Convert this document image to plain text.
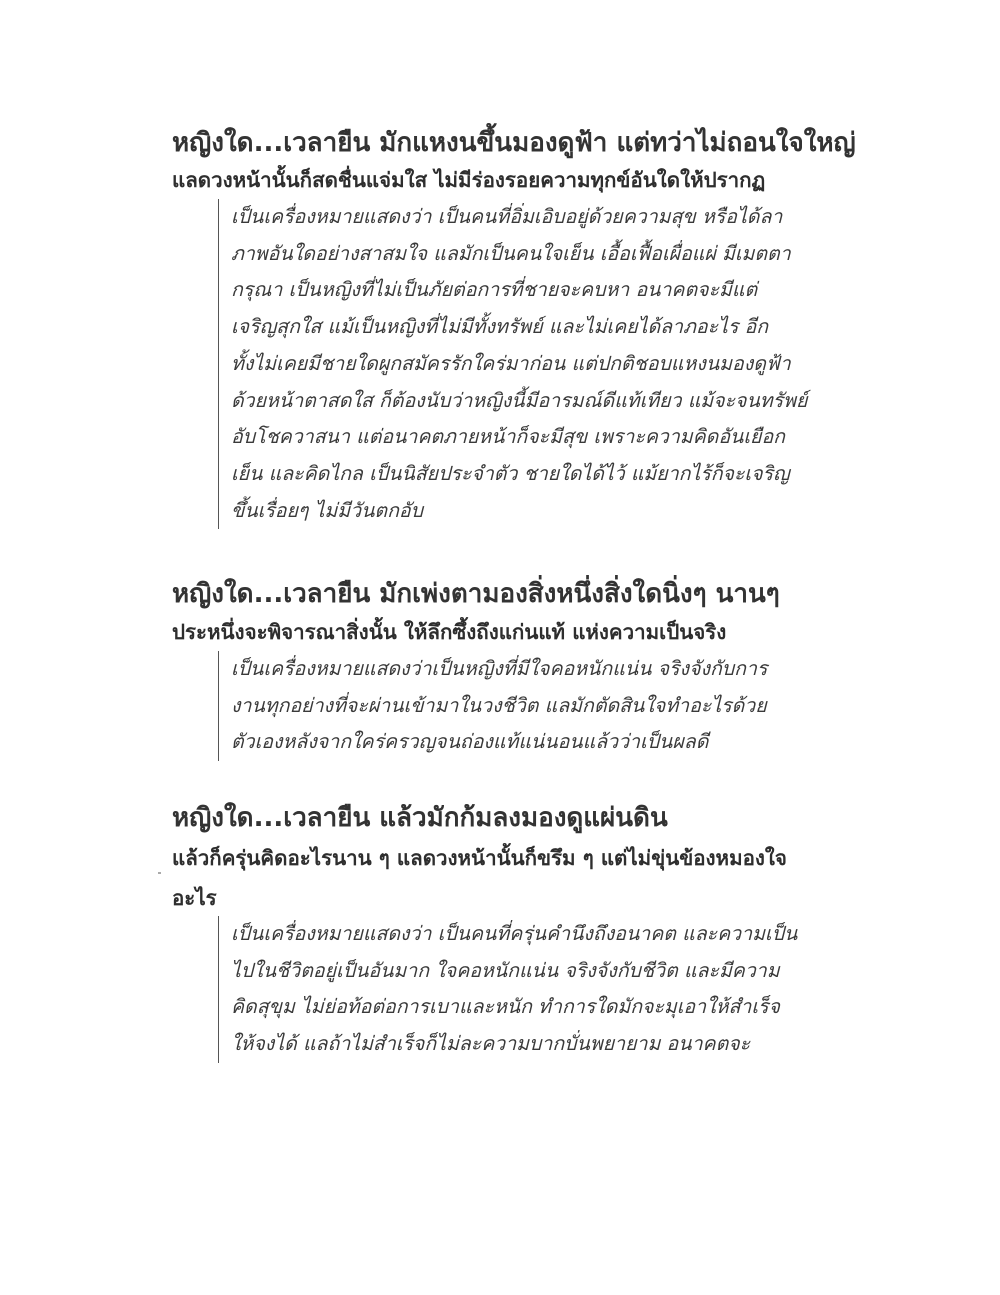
หญิงใด...เวลายืน มักแหงนขึ้นมองดูฟ้า แต่ทว่าไม่ถอนใจใหญ่
แลดวงหน้านั้นก็สดชื่นแจ่มใส ไม่มีร่องรอยความทุกข์อันใดให้ปรากฏ
เป็นเครื่องหมายแสดงว่า เป็นคนที่อิ่มเอิบอยู่ด้วยความสุข หรือได้ลา
ภาพอันใดอย่างสาสมใจ แลมักเป็นคนใจเย็น เอื้อเฟื้อเผื่อแผ่ มีเมตตา
กรุณา เป็นหญิงที่ไม่เป็นภัยต่อการที่ชายจะคบหา อนาคตจะมีแต่
เจริญสุกใส แม้เป็นหญิงที่ไม่มีทั้งทรัพย์ และไม่เคยได้ลาภอะไร อีก
ทั้งไม่เคยมีชายใดผูกสมัครรักใคร่มาก่อน แต่ปกติชอบแหงนมองดูฟ้า
ด้วยหน้าตาสดใส ก็ต้องนับว่าหญิงนี้มีอารมณ์ดีแท้เทียว แม้จะจนทรัพย์
อับโชควาสนา แต่อนาคตภายหน้าก็จะมีสุข เพราะความคิดอันเยือก
เย็น และคิดไกล เป็นนิสัยประจำตัว ชายใดได้ไว้ แม้ยากไร้ก็จะเจริญ
ขึ้นเรื่อยๆ ไม่มีวันตกอับ
หญิงใด...เวลายืน มักเพ่งตามองสิ่งหนึ่งสิ่งใดนิ่งๆ นานๆ
ประหนึ่งจะพิจารณาสิ่งนั้น ให้ลึกซึ้งถึงแก่นแท้ แห่งความเป็นจริง
เป็นเครื่องหมายแสดงว่าเป็นหญิงที่มีใจคอหนักแน่น จริงจังกับการ
งานทุกอย่างที่จะผ่านเข้ามาในวงชีวิต แลมักตัดสินใจทำอะไรด้วย
ตัวเองหลังจากใคร่ครวญจนถ่องแท้แน่นอนแล้วว่าเป็นผลดี
หญิงใด...เวลายืน แล้วมักก้มลงมองดูแผ่นดิน
แล้วก็ครุ่นคิดอะไรนาน ๆ แลดวงหน้านั้นก็ขรึม ๆ แต่ไม่ขุ่นข้องหมองใจอะไร
เป็นเครื่องหมายแสดงว่า เป็นคนที่ครุ่นคำนึงถึงอนาคต และความเป็น
ไปในชีวิตอยู่เป็นอันมาก ใจคอหนักแน่น จริงจังกับชีวิต และมีความ
คิดสุขุม ไม่ย่อท้อต่อการเบาและหนัก ทำการใดมักจะมุเอาให้สำเร็จ
ให้จงได้ แลถ้าไม่สำเร็จก็ไม่ละความบากบั่นพยายาม อนาคตจะ
